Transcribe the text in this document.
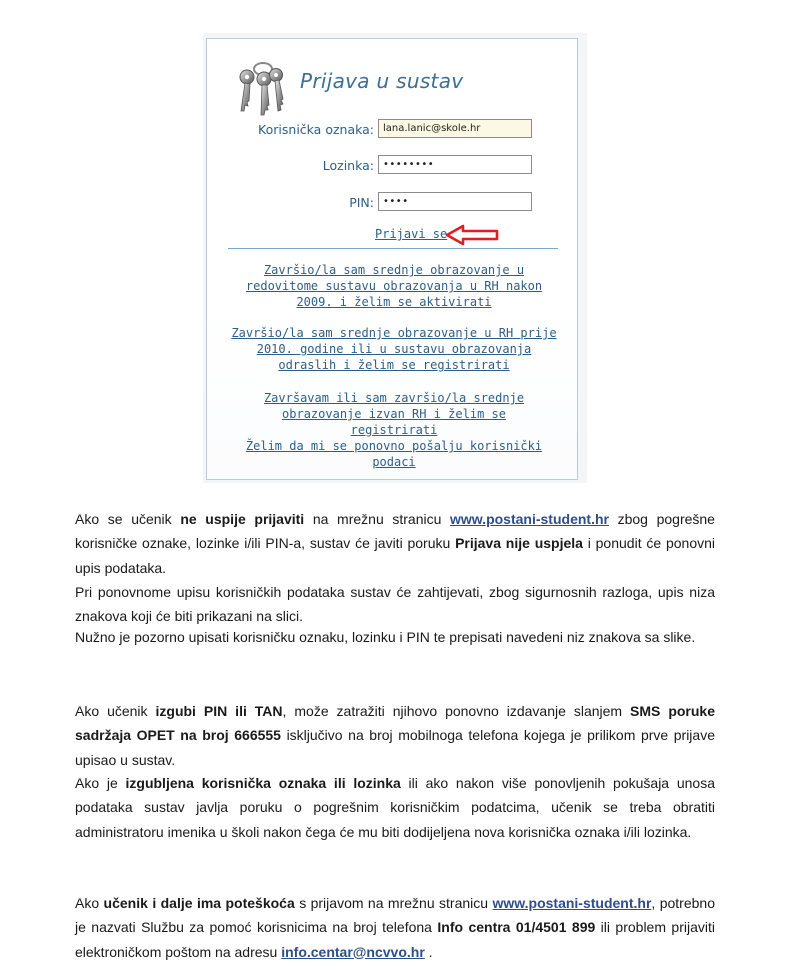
Prijava u sustav
Korisnička oznaka: lana.lanic@skole.hr
Lozinka: ••••••••
PIN: ••••
Prijavi se
Završio/la sam srednje obrazovanje u redovitome sustavu obrazovanja u RH nakon 2009. i želim se aktivirati
Završio/la sam srednje obrazovanje u RH prije 2010. godine ili u sustavu obrazovanja odraslih i želim se registrirati
Završavam ili sam završio/la srednje obrazovanje izvan RH i želim se registrirati
Želim da mi se ponovno pošalju korisnički podaci
Ako se učenik ne uspije prijaviti na mrežnu stranicu www.postani-student.hr zbog pogrešne korisničke oznake, lozinke i/ili PIN-a, sustav će javiti poruku Prijava nije uspjela i ponudit će ponovni upis podataka.
Pri ponovnome upisu korisničkih podataka sustav će zahtijevati, zbog sigurnosnih razloga, upis niza znakova koji će biti prikazani na slici.
Nužno je pozorno upisati korisničku oznaku, lozinku i PIN te prepisati navedeni niz znakova sa slike.
Ako učenik izgubi PIN ili TAN, može zatražiti njihovo ponovno izdavanje slanjem SMS poruke sadržaja OPET na broj 666555 isključivo na broj mobilnoga telefona kojega je prilikom prve prijave upisao u sustav.
Ako je izgubljena korisnička oznaka ili lozinka ili ako nakon više ponovljenih pokušaja unosa podataka sustav javlja poruku o pogrešnim korisničkim podatcima, učenik se treba obratiti administratoru imenika u školi nakon čega će mu biti dodijeljena nova korisnička oznaka i/ili lozinka.
Ako učenik i dalje ima poteškoća s prijavom na mrežnu stranicu www.postani-student.hr, potrebno je nazvati Službu za pomoć korisnicima na broj telefona Info centra 01/4501 899 ili problem prijaviti elektroničkom poštom na adresu info.centar@ncvvo.hr .
